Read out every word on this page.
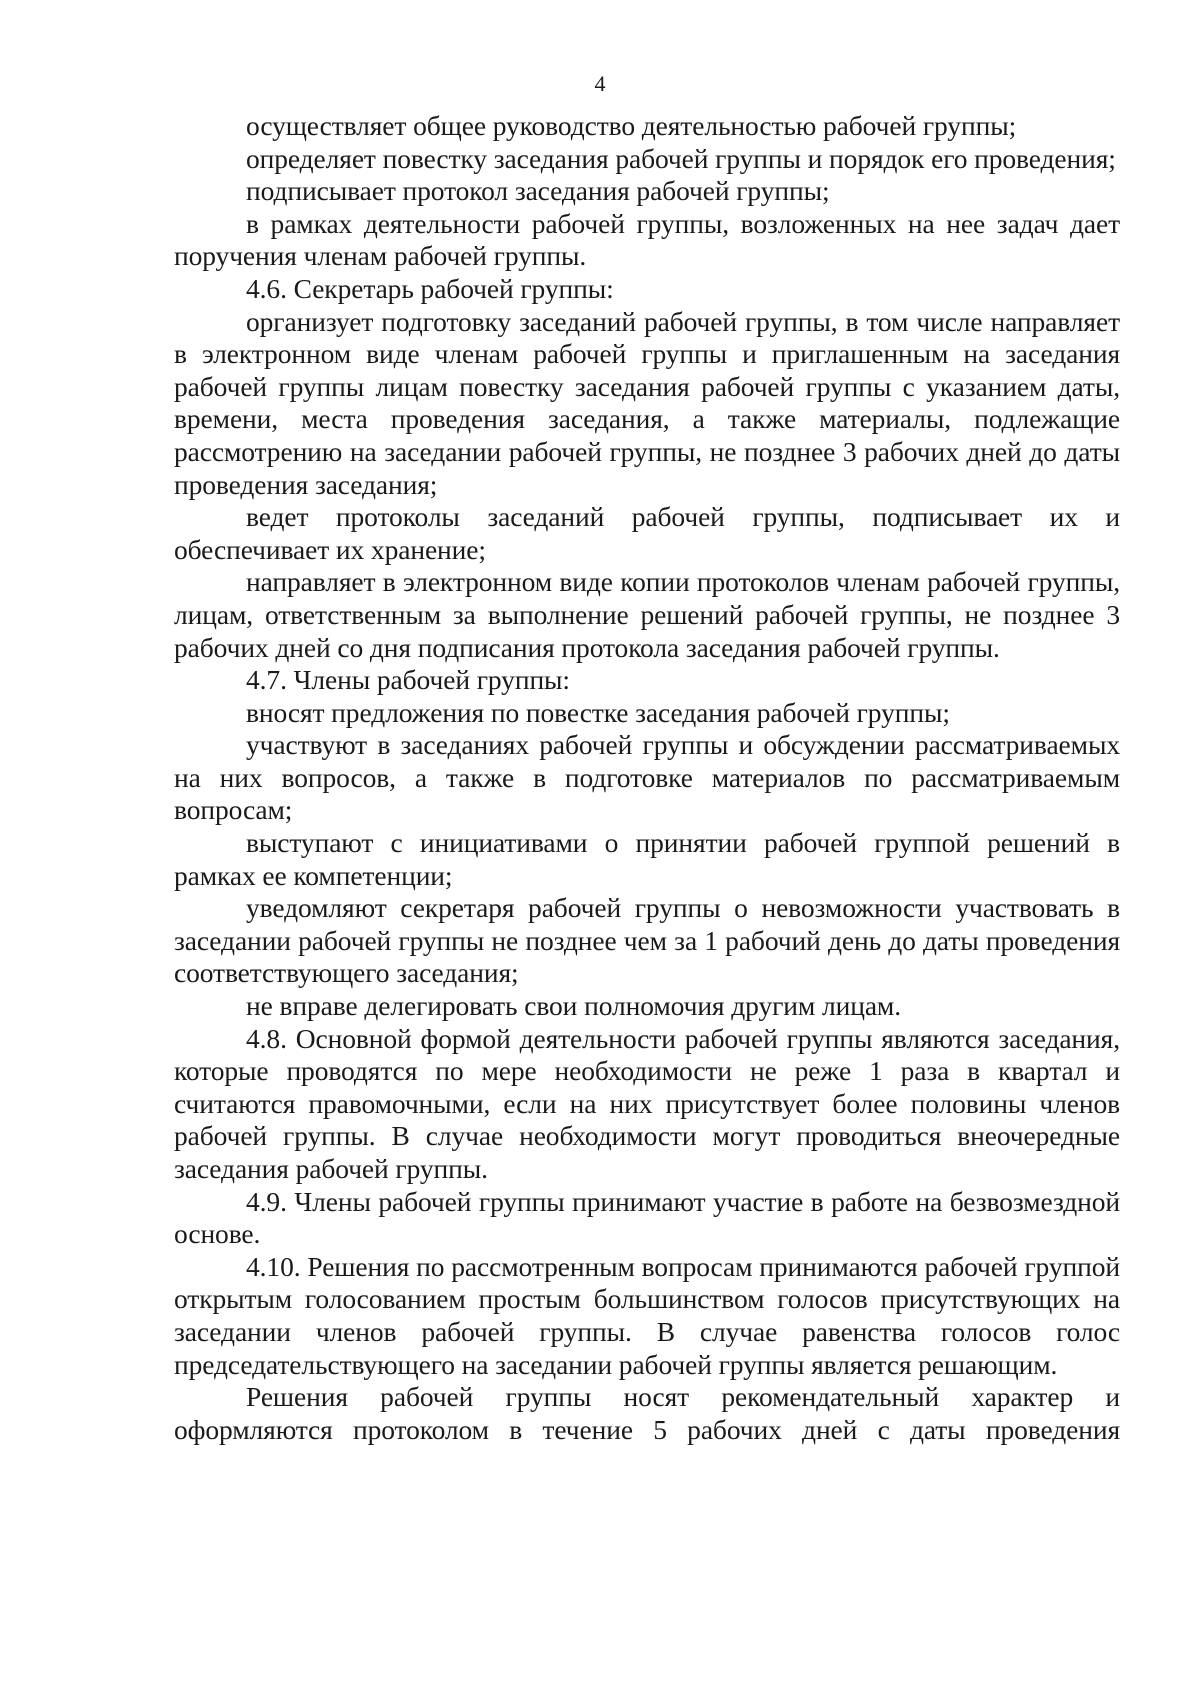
4

осуществляет общее руководство деятельностью рабочей группы;

определяет повестку заседания рабочей группы и порядок его проведения;

подписывает протокол заседания рабочей группы;

в рамках деятельности рабочей группы, возложенных на нее задач дает поручения членам рабочей группы.

4.6. Секретарь рабочей группы:

организует подготовку заседаний рабочей группы, в том числе направляет в электронном виде членам рабочей группы и приглашенным на заседания рабочей группы лицам повестку заседания рабочей группы с указанием даты, времени, места проведения заседания, а также материалы, подлежащие рассмотрению на заседании рабочей группы, не позднее 3 рабочих дней до даты проведения заседания;

ведет протоколы заседаний рабочей группы, подписывает их и обеспечивает их хранение;

направляет в электронном виде копии протоколов членам рабочей группы, лицам, ответственным за выполнение решений рабочей группы, не позднее 3 рабочих дней со дня подписания протокола заседания рабочей группы.

4.7. Члены рабочей группы:

вносят предложения по повестке заседания рабочей группы;

участвуют в заседаниях рабочей группы и обсуждении рассматриваемых на них вопросов, а также в подготовке материалов по рассматриваемым вопросам;

выступают с инициативами о принятии рабочей группой решений в рамках ее компетенции;

уведомляют секретаря рабочей группы о невозможности участвовать в заседании рабочей группы не позднее чем за 1 рабочий день до даты проведения соответствующего заседания;

не вправе делегировать свои полномочия другим лицам.

4.8. Основной формой деятельности рабочей группы являются заседания, которые проводятся по мере необходимости не реже 1 раза в квартал и считаются правомочными, если на них присутствует более половины членов рабочей группы. В случае необходимости могут проводиться внеочередные заседания рабочей группы.

4.9. Члены рабочей группы принимают участие в работе на безвозмездной основе.

4.10. Решения по рассмотренным вопросам принимаются рабочей группой открытым голосованием простым большинством голосов присутствующих на заседании членов рабочей группы. В случае равенства голосов голос председательствующего на заседании рабочей группы является решающим.

Решения рабочей группы носят рекомендательный характер и оформляются протоколом в течение 5 рабочих дней с даты проведения
